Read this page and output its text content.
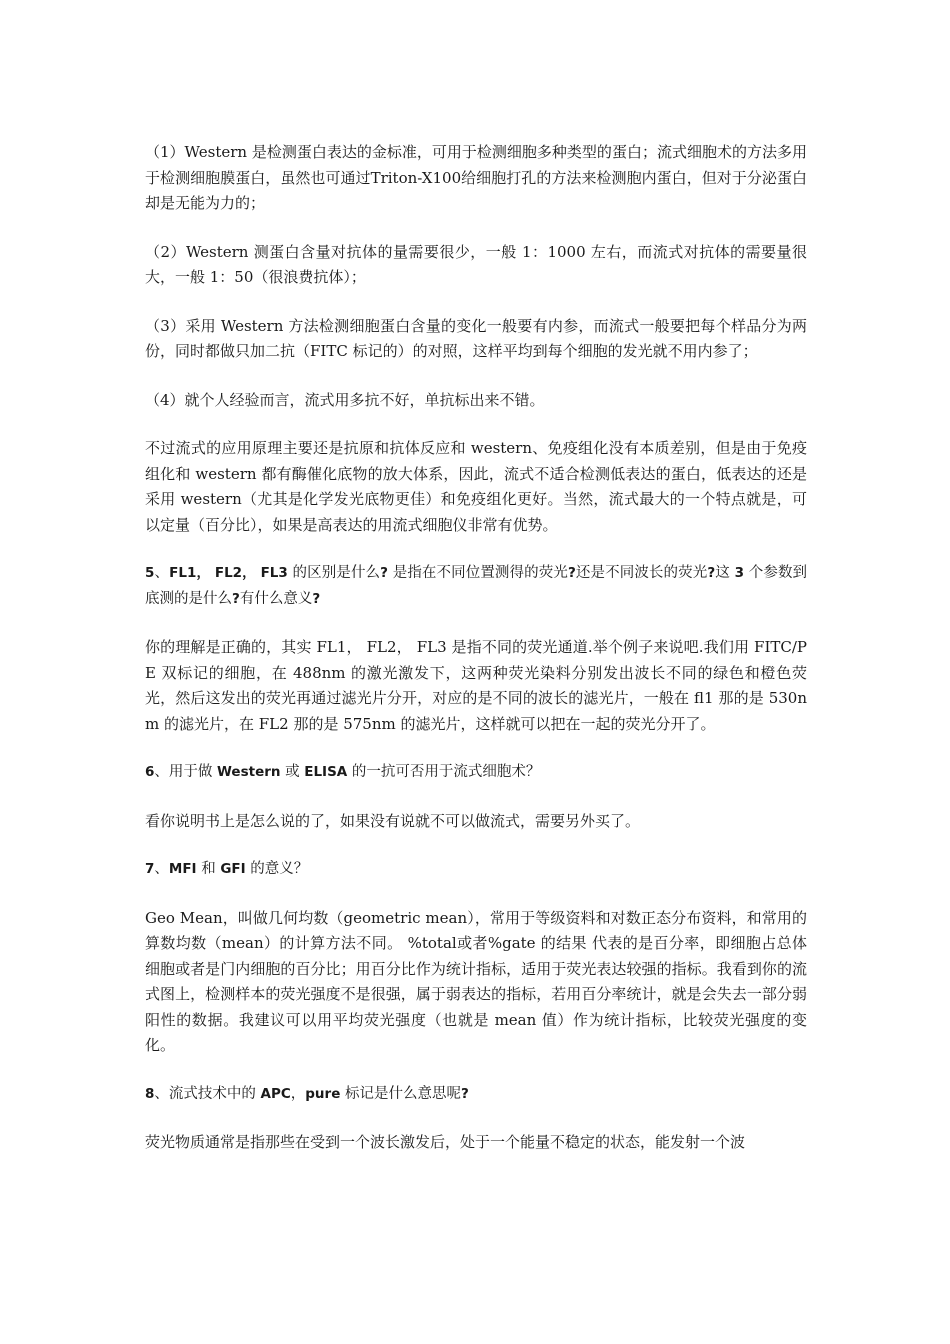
（1）Western 是检测蛋白表达的金标准，可用于检测细胞多种类型的蛋白；流式细胞术的方法多用于检测细胞膜蛋白，虽然也可通过Triton-X100给细胞打孔的方法来检测胞内蛋白，但对于分泌蛋白却是无能为力的；

（2）Western 测蛋白含量对抗体的量需要很少，一般 1：1000 左右，而流式对抗体的需要量很大，一般 1：50（很浪费抗体）；

（3）采用 Western 方法检测细胞蛋白含量的变化一般要有内参，而流式一般要把每个样品分为两份，同时都做只加二抗（FITC 标记的）的对照，这样平均到每个细胞的发光就不用内参了；

（4）就个人经验而言，流式用多抗不好，单抗标出来不错。

不过流式的应用原理主要还是抗原和抗体反应和 western、免疫组化没有本质差别，但是由于免疫组化和 western 都有酶催化底物的放大体系，因此，流式不适合检测低表达的蛋白，低表达的还是采用 western（尤其是化学发光底物更佳）和免疫组化更好。当然，流式最大的一个特点就是，可以定量（百分比），如果是高表达的用流式细胞仪非常有优势。

5、FL1， FL2， FL3 的区别是什么? 是指在不同位置测得的荧光?还是不同波长的荧光?这 3 个参数到底测的是什么?有什么意义?

你的理解是正确的，其实 FL1， FL2， FL3 是指不同的荧光通道.举个例子来说吧.我们用 FITC/PE 双标记的细胞，在 488nm 的激光激发下，这两种荧光染料分别发出波长不同的绿色和橙色荧光，然后这发出的荧光再通过滤光片分开，对应的是不同的波长的滤光片，一般在 fl1 那的是 530nm 的滤光片，在 FL2 那的是 575nm 的滤光片，这样就可以把在一起的荧光分开了。

6、用于做 Western 或 ELISA 的一抗可否用于流式细胞术？

看你说明书上是怎么说的了，如果没有说就不可以做流式，需要另外买了。

7、MFI 和 GFI 的意义？

Geo Mean，叫做几何均数（geometric mean），常用于等级资料和对数正态分布资料，和常用的算数均数（mean）的计算方法不同。 %total或者%gate 的结果 代表的是百分率，即细胞占总体细胞或者是门内细胞的百分比；用百分比作为统计指标，适用于荧光表达较强的指标。我看到你的流式图上，检测样本的荧光强度不是很强，属于弱表达的指标，若用百分率统计，就是会失去一部分弱阳性的数据。我建议可以用平均荧光强度（也就是 mean 值）作为统计指标，比较荧光强度的变化。

8、流式技术中的 APC，pure 标记是什么意思呢?

荧光物质通常是指那些在受到一个波长激发后，处于一个能量不稳定的状态，能发射一个波
